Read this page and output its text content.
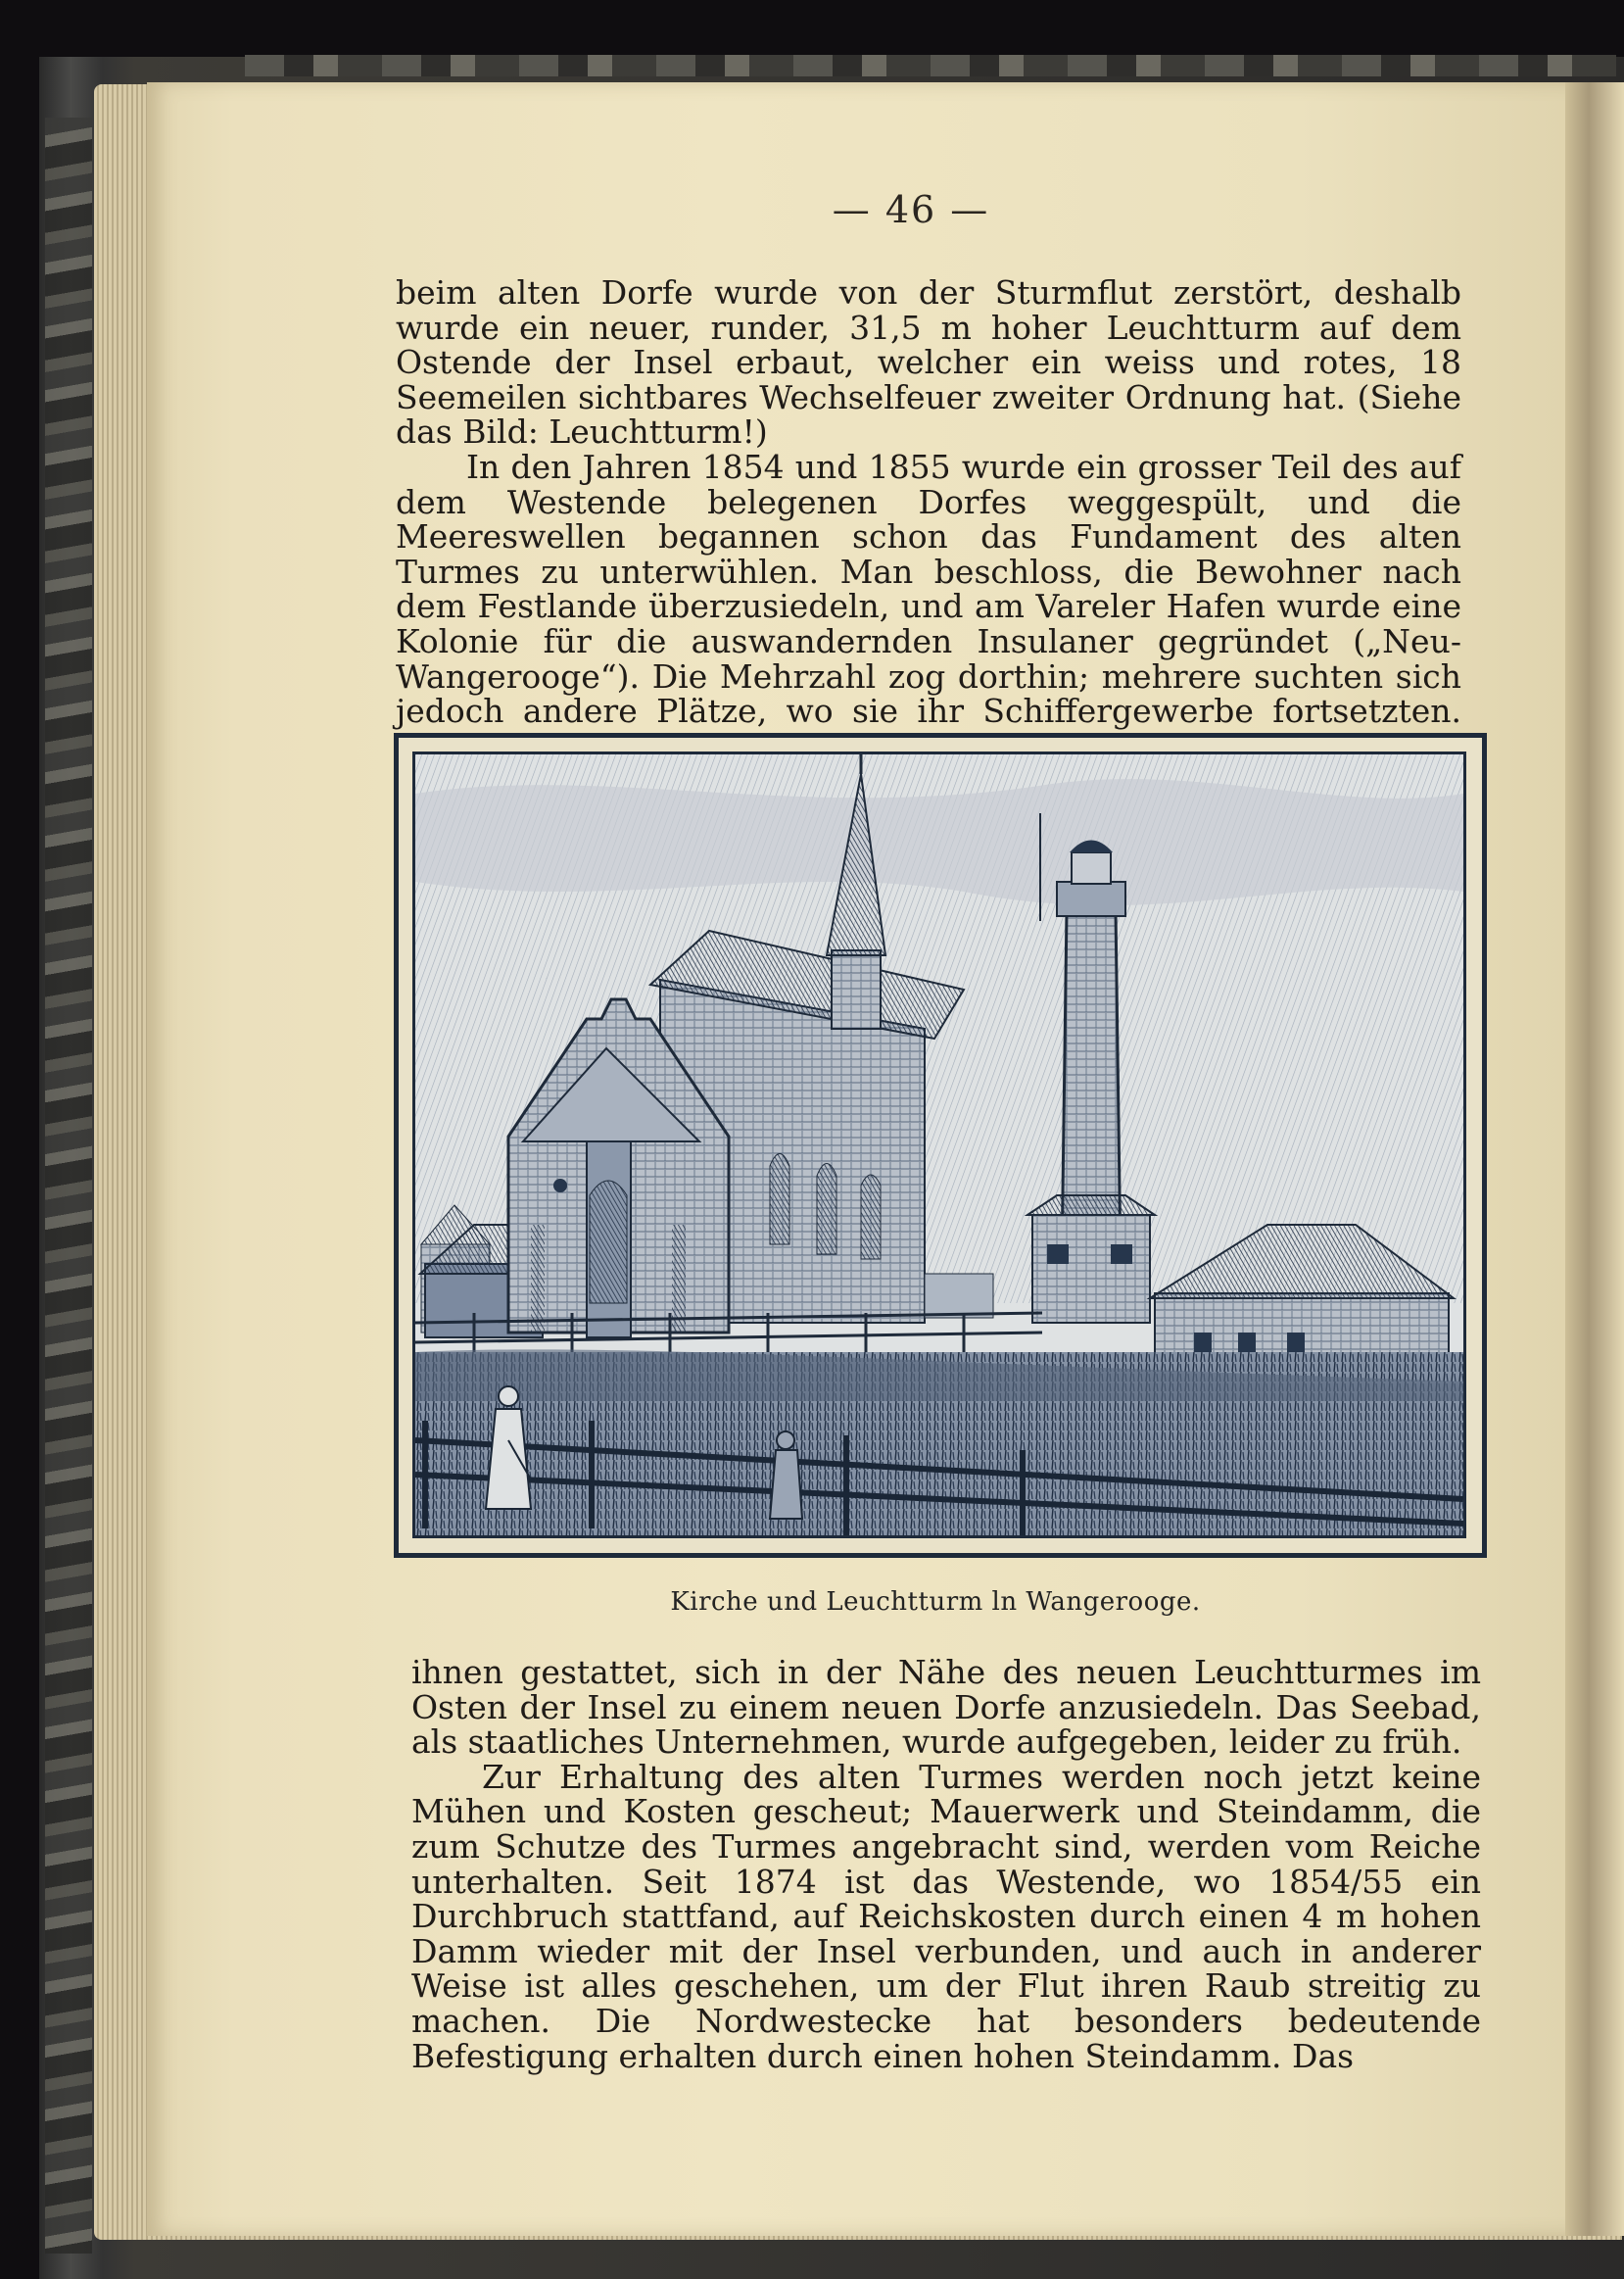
— 46 —

beim alten Dorfe wurde von der Sturmflut zerstört, deshalb wurde ein neuer, runder, 31,5 m hoher Leuchtturm auf dem Ostende der Insel erbaut, welcher ein weiss und rotes, 18 Seemeilen sichtbares Wechselfeuer zweiter Ordnung hat. (Siehe das Bild: Leuchtturm!)

In den Jahren 1854 und 1855 wurde ein grosser Teil des auf dem Westende belegenen Dorfes weggespült, und die Meereswellen begannen schon das Fundament des alten Turmes zu unterwühlen. Man beschloss, die Bewohner nach dem Festlande überzusiedeln, und am Vareler Hafen wurde eine Kolonie für die auswandernden Insulaner gegründet („Neu-Wangerooge“). Die Mehrzahl zog dorthin; mehrere suchten sich jedoch andere Plätze, wo sie ihr Schiffergewerbe fortsetzten.

Kirche und Leuchtturm ln Wangerooge.

ihnen gestattet, sich in der Nähe des neuen Leuchtturmes im Osten der Insel zu einem neuen Dorfe anzusiedeln. Das Seebad, als staatliches Unternehmen, wurde aufgegeben, leider zu früh.

Zur Erhaltung des alten Turmes werden noch jetzt keine Mühen und Kosten gescheut; Mauerwerk und Steindamm, die zum Schutze des Turmes angebracht sind, werden vom Reiche unterhalten. Seit 1874 ist das Westende, wo 1854/55 ein Durchbruch stattfand, auf Reichskosten durch einen 4 m hohen Damm wieder mit der Insel verbunden, und auch in anderer Weise ist alles geschehen, um der Flut ihren Raub streitig zu machen. Die Nordwestecke hat besonders bedeutende Befestigung erhalten durch einen hohen Steindamm. Das
